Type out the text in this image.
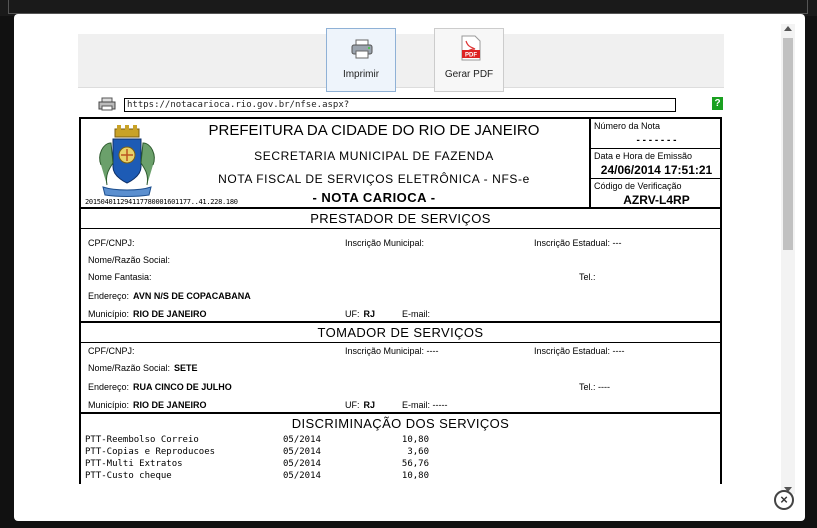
Imprimir
PDF
Gerar PDF
https://notacarioca.rio.gov.br/nfse.aspx?	?
201504011294117780001601177..41.228.180
PREFEITURA DA CIDADE DO RIO DE JANEIRO
SECRETARIA MUNICIPAL DE FAZENDA
NOTA FISCAL DE SERVIÇOS ELETRÔNICA - NFS-e
- NOTA CARIOCA -
Número da Nota
- - - - - - -
Data e Hora de Emissão
24/06/2014 17:51:21
Código de Verificação
AZRV-L4RP
PRESTADOR DE SERVIÇOS
CPF/CNPJ:	Inscrição Municipal:	Inscrição Estadual: ---
Nome/Razão Social:
Nome Fantasia:	Tel.:
Endereço: AVN N/S DE COPACABANA
Município: RIO DE JANEIRO	UF: RJ	E-mail:
TOMADOR DE SERVIÇOS
CPF/CNPJ:	Inscrição Municipal: ----	Inscrição Estadual: ----
Nome/Razão Social: SETE
Endereço: RUA CINCO DE JULHO	Tel.: ----
Município: RIO DE JANEIRO	UF: RJ	E-mail: -----
DISCRIMINAÇÃO DOS SERVIÇOS
PTT-Reembolso Correio	05/2014	10,80
PTT-Copias e Reproducoes	05/2014	3,60
PTT-Multi Extratos	05/2014	56,76
PTT-Custo cheque	05/2014	10,80
×
